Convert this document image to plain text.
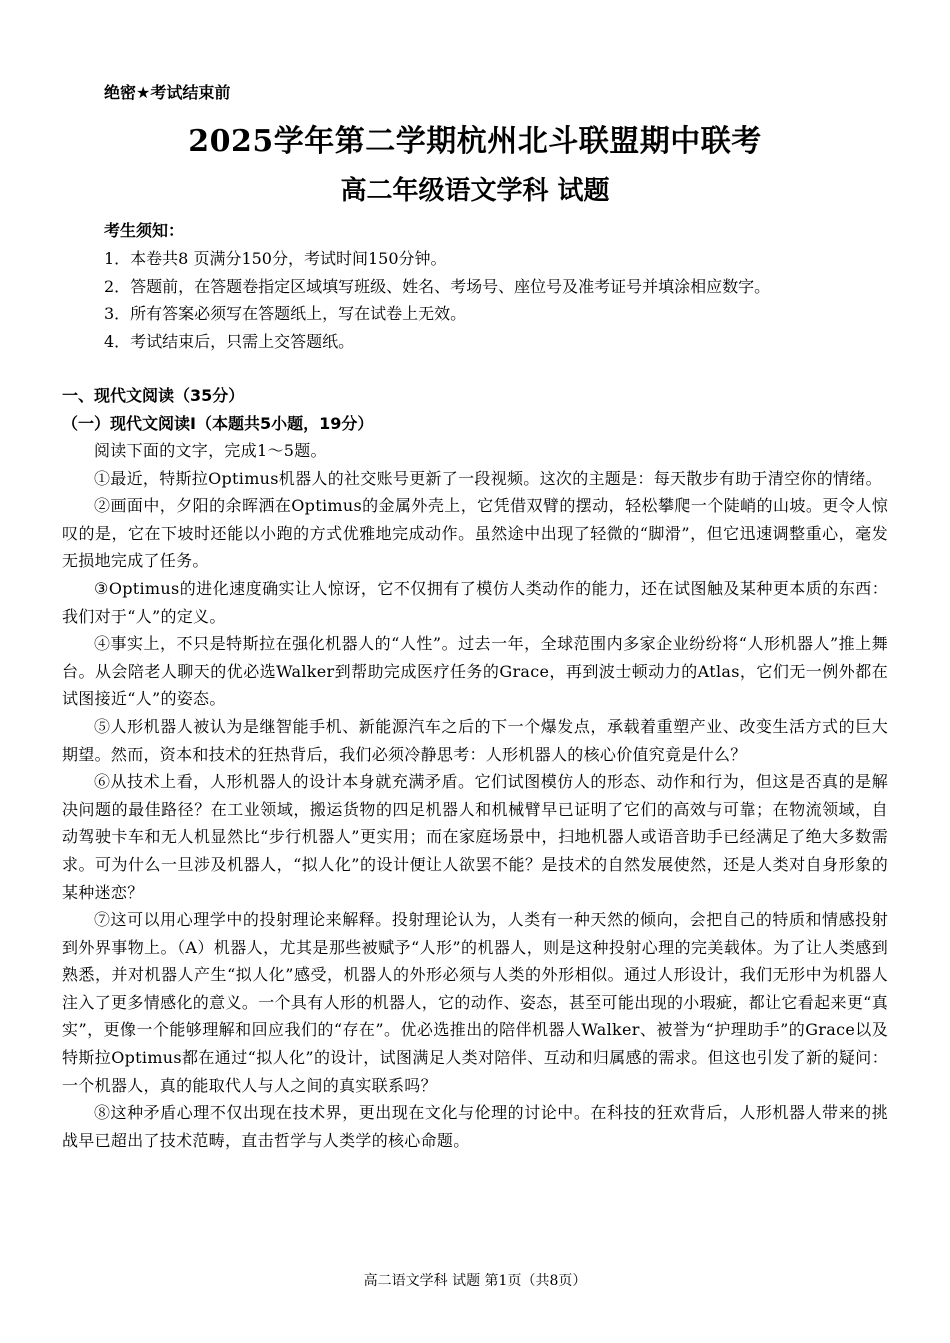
绝密★考试结束前
2025学年第二学期杭州北斗联盟期中联考
高二年级语文学科 试题
考生须知：
1．本卷共8 页满分150分，考试时间150分钟。
2．答题前，在答题卷指定区域填写班级、姓名、考场号、座位号及准考证号并填涂相应数字。
3．所有答案必须写在答题纸上，写在试卷上无效。
4．考试结束后，只需上交答题纸。
一、现代文阅读（35分）
（一）现代文阅读Ⅰ（本题共5小题，19分）

阅读下面的文字，完成1～5题。

①最近，特斯拉Optimus机器人的社交账号更新了一段视频。这次的主题是：每天散步有助于清空你的情绪。

②画面中，夕阳的余晖洒在Optimus的金属外壳上，它凭借双臂的摆动，轻松攀爬一个陡峭的山坡。更令人惊叹的是，它在下坡时还能以小跑的方式优雅地完成动作。虽然途中出现了轻微的“脚滑”，但它迅速调整重心，毫发无损地完成了任务。

③Optimus的进化速度确实让人惊讶，它不仅拥有了模仿人类动作的能力，还在试图触及某种更本质的东西：我们对于“人”的定义。

④事实上，不只是特斯拉在强化机器人的“人性”。过去一年，全球范围内多家企业纷纷将“人形机器人”推上舞台。从会陪老人聊天的优必选Walker到帮助完成医疗任务的Grace，再到波士顿动力的Atlas，它们无一例外都在试图接近“人”的姿态。

⑤人形机器人被认为是继智能手机、新能源汽车之后的下一个爆发点，承载着重塑产业、改变生活方式的巨大期望。然而，资本和技术的狂热背后，我们必须冷静思考：人形机器人的核心价值究竟是什么？

⑥从技术上看，人形机器人的设计本身就充满矛盾。它们试图模仿人的形态、动作和行为，但这是否真的是解决问题的最佳路径？在工业领域，搬运货物的四足机器人和机械臂早已证明了它们的高效与可靠；在物流领域，自动驾驶卡车和无人机显然比“步行机器人”更实用；而在家庭场景中，扫地机器人或语音助手已经满足了绝大多数需求。可为什么一旦涉及机器人，“拟人化”的设计便让人欲罢不能？是技术的自然发展使然，还是人类对自身形象的某种迷恋？

⑦这可以用心理学中的投射理论来解释。投射理论认为，人类有一种天然的倾向，会把自己的特质和情感投射到外界事物上。（A）机器人，尤其是那些被赋予“人形”的机器人，则是这种投射心理的完美载体。为了让人类感到熟悉，并对机器人产生“拟人化”感受，机器人的外形必须与人类的外形相似。通过人形设计，我们无形中为机器人注入了更多情感化的意义。一个具有人形的机器人，它的动作、姿态，甚至可能出现的小瑕疵，都让它看起来更“真实”，更像一个能够理解和回应我们的“存在”。优必选推出的陪伴机器人Walker、被誉为“护理助手”的Grace以及特斯拉Optimus都在通过“拟人化”的设计，试图满足人类对陪伴、互动和归属感的需求。但这也引发了新的疑问：一个机器人，真的能取代人与人之间的真实联系吗？

⑧这种矛盾心理不仅出现在技术界，更出现在文化与伦理的讨论中。在科技的狂欢背后，人形机器人带来的挑战早已超出了技术范畴，直击哲学与人类学的核心命题。

高二语文学科 试题 第1页（共8页）
